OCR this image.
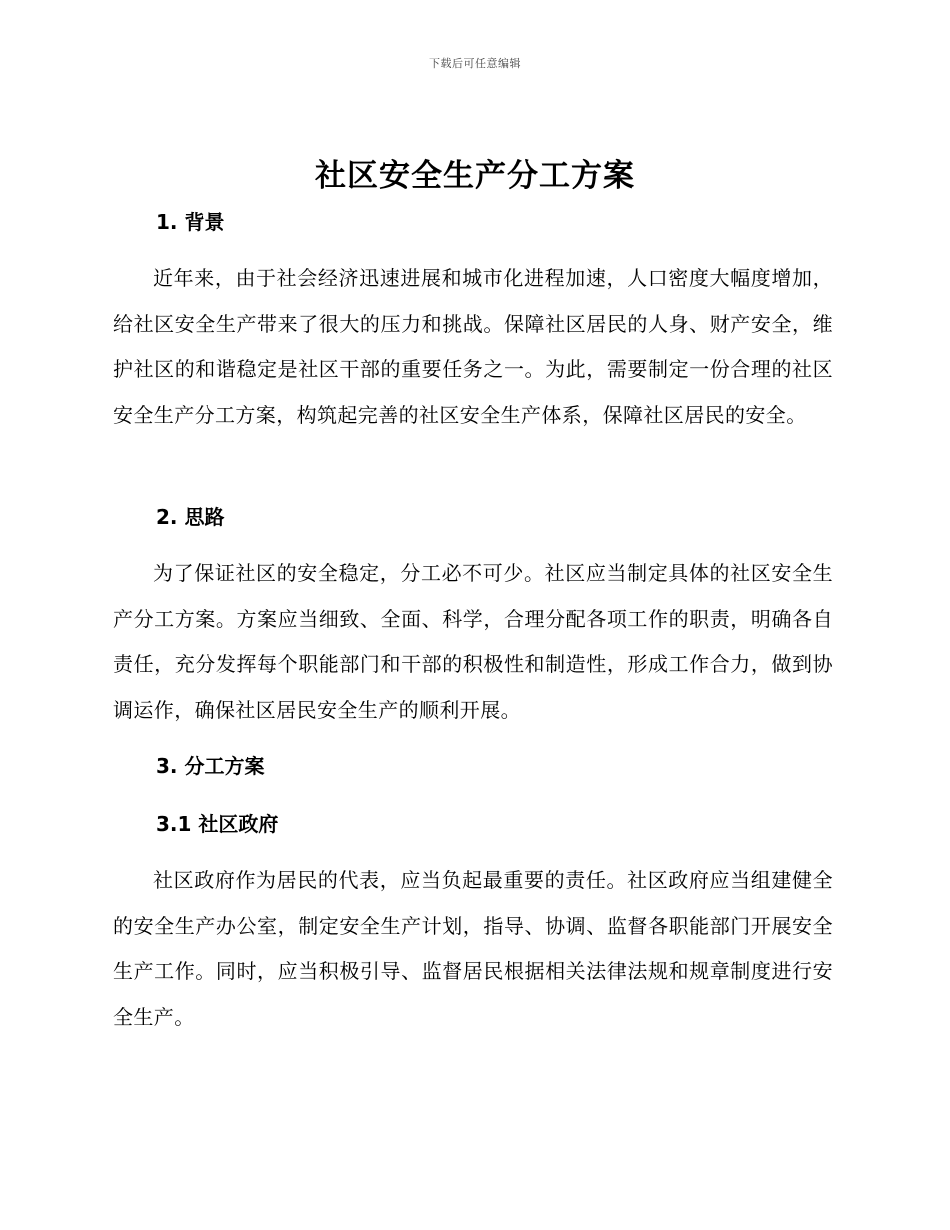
下载后可任意编辑
社区安全生产分工方案
1. 背景

近年来，由于社会经济迅速进展和城市化进程加速，人口密度大幅度增加，给社区安全生产带来了很大的压力和挑战。保障社区居民的人身、财产安全，维护社区的和谐稳定是社区干部的重要任务之一。为此，需要制定一份合理的社区安全生产分工方案，构筑起完善的社区安全生产体系，保障社区居民的安全。

2. 思路

为了保证社区的安全稳定，分工必不可少。社区应当制定具体的社区安全生产分工方案。方案应当细致、全面、科学，合理分配各项工作的职责，明确各自责任，充分发挥每个职能部门和干部的积极性和制造性，形成工作合力，做到协调运作，确保社区居民安全生产的顺利开展。

3. 分工方案
3.1 社区政府

社区政府作为居民的代表，应当负起最重要的责任。社区政府应当组建健全的安全生产办公室，制定安全生产计划，指导、协调、监督各职能部门开展安全生产工作。同时，应当积极引导、监督居民根据相关法律法规和规章制度进行安全生产。
